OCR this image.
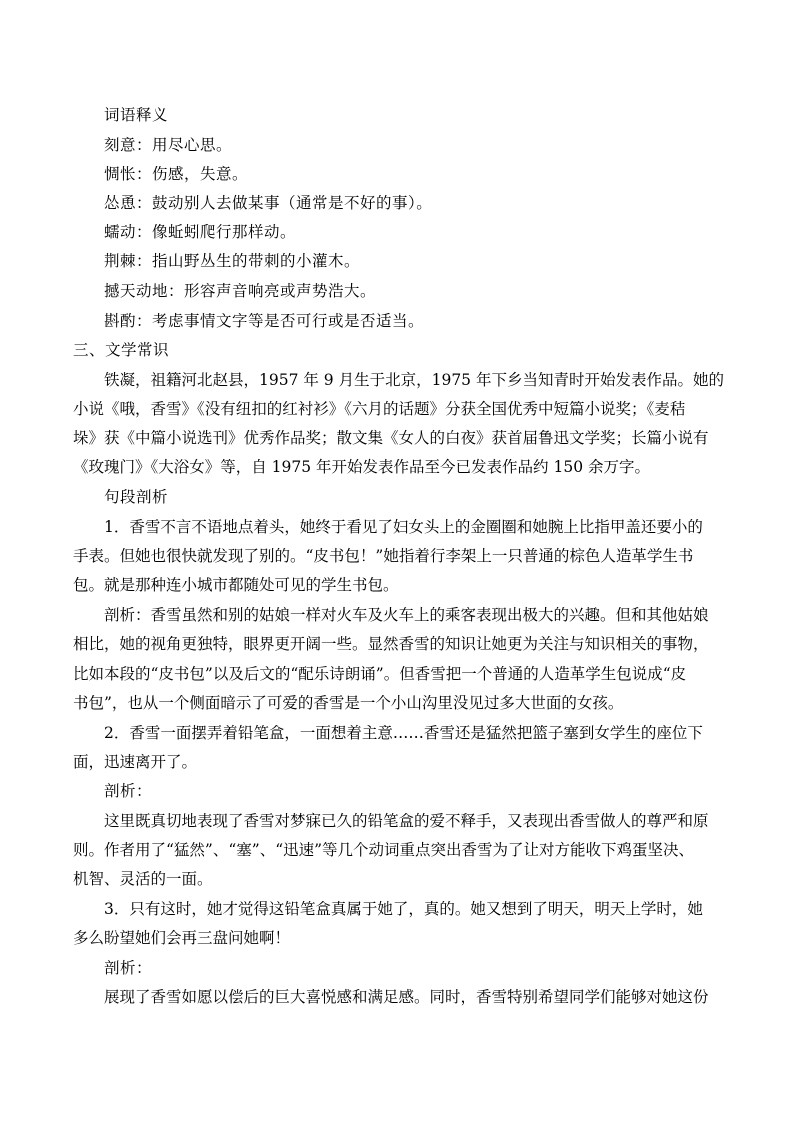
词语释义
刻意：用尽心思。
惆怅：伤感，失意。
怂恿：鼓动别人去做某事（通常是不好的事）。
蠕动：像蚯蚓爬行那样动。
荆棘：指山野丛生的带刺的小灌木。
撼天动地：形容声音响亮或声势浩大。
斟酌：考虑事情文字等是否可行或是否适当。
三、文学常识
铁凝，祖籍河北赵县，1957 年 9 月生于北京，1975 年下乡当知青时开始发表作品。她的
小说《哦，香雪》《没有纽扣的红衬衫》《六月的话题》分获全国优秀中短篇小说奖；《麦秸
垛》获《中篇小说选刊》优秀作品奖；散文集《女人的白夜》获首届鲁迅文学奖；长篇小说有
《玫瑰门》《大浴女》等，自 1975 年开始发表作品至今已发表作品约 150 余万字。
句段剖析
1．香雪不言不语地点着头，她终于看见了妇女头上的金圈圈和她腕上比指甲盖还要小的
手表。但她也很快就发现了别的。“皮书包！”她指着行李架上一只普通的棕色人造革学生书
包。就是那种连小城市都随处可见的学生书包。
剖析：香雪虽然和别的姑娘一样对火车及火车上的乘客表现出极大的兴趣。但和其他姑娘
相比，她的视角更独特，眼界更开阔一些。显然香雪的知识让她更为关注与知识相关的事物，
比如本段的“皮书包”以及后文的“配乐诗朗诵”。但香雪把一个普通的人造革学生包说成“皮
书包”，也从一个侧面暗示了可爱的香雪是一个小山沟里没见过多大世面的女孩。
2．香雪一面摆弄着铅笔盒，一面想着主意……香雪还是猛然把篮子塞到女学生的座位下
面，迅速离开了。
剖析：
这里既真切地表现了香雪对梦寐已久的铅笔盒的爱不释手，又表现出香雪做人的尊严和原
则。作者用了“猛然”、“塞”、“迅速”等几个动词重点突出香雪为了让对方能收下鸡蛋坚决、
机智、灵活的一面。
3．只有这时，她才觉得这铅笔盒真属于她了，真的。她又想到了明天，明天上学时，她
多么盼望她们会再三盘问她啊！
剖析：
展现了香雪如愿以偿后的巨大喜悦感和满足感。同时，香雪特别希望同学们能够对她这份
